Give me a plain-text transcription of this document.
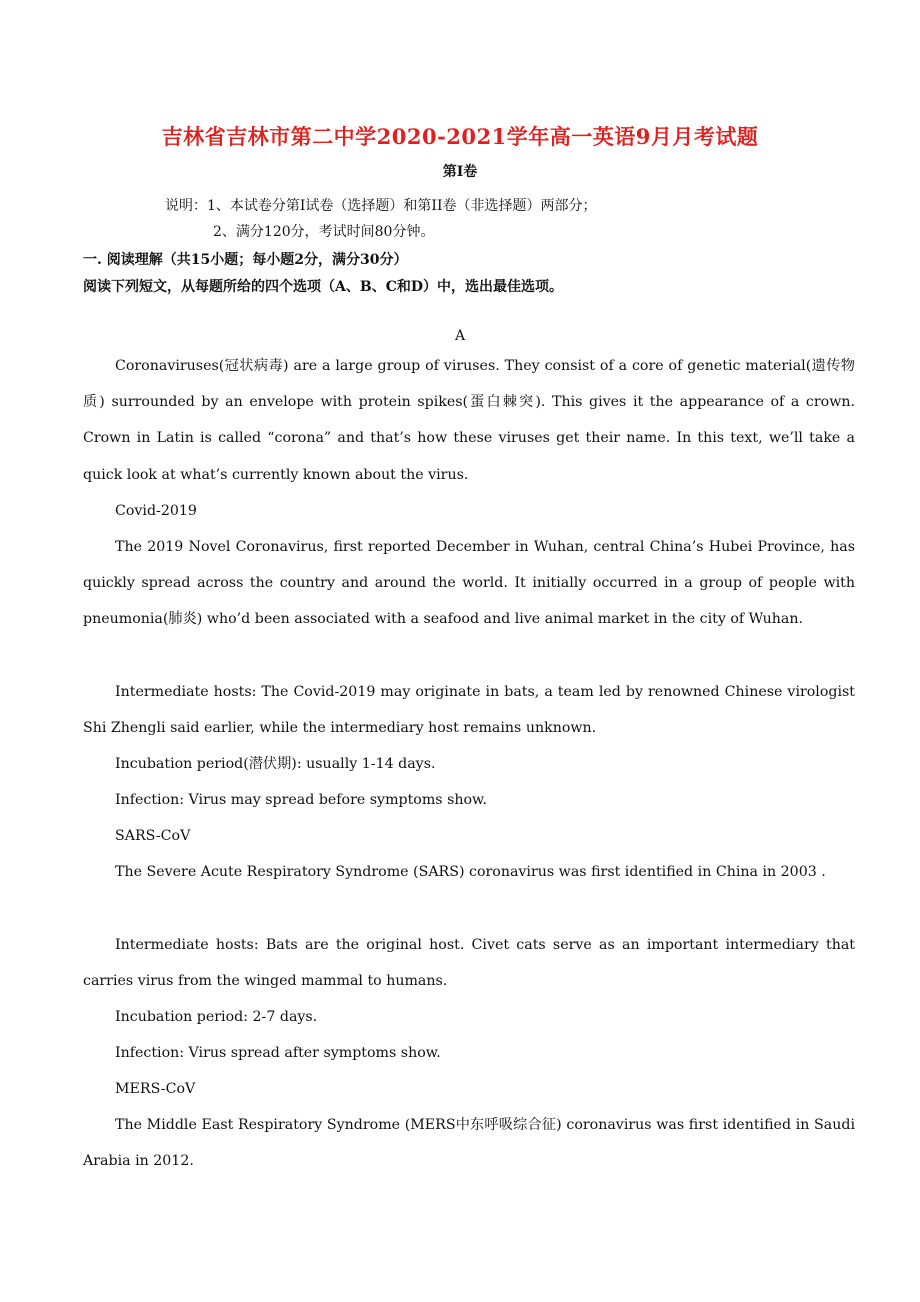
吉林省吉林市第二中学2020-2021学年高一英语9月月考试题
第Ⅰ卷
说明：1、本试卷分第Ⅰ试卷（选择题）和第II卷（非选择题）两部分；
2、满分120分，考试时间80分钟。
一. 阅读理解（共15小题；每小题2分，满分30分）
阅读下列短文，从每题所给的四个选项（A、B、C和D）中，选出最佳选项。
A
Coronaviruses(冠状病毒) are a large group of viruses. They consist of a core of genetic material(遗传物质) surrounded by an envelope with protein spikes(蛋白棘突). This gives it the appearance of a crown. Crown in Latin is called “corona” and that’s how these viruses get their name. In this text, we’ll take a quick look at what’s currently known about the virus.
Covid-2019
The 2019 Novel Coronavirus, first reported December in Wuhan, central China’s Hubei Province, has quickly spread across the country and around the world. It initially occurred in a group of people with pneumonia(肺炎) who’d been associated with a seafood and live animal market in the city of Wuhan.
Intermediate hosts: The Covid-2019 may originate in bats, a team led by renowned Chinese virologist Shi Zhengli said earlier, while the intermediary host remains unknown.
Incubation period(潜伏期): usually 1-14 days.
Infection: Virus may spread before symptoms show.
SARS-CoV
The Severe Acute Respiratory Syndrome (SARS) coronavirus was first identified in China in 2003 .
Intermediate hosts: Bats are the original host. Civet cats serve as an important intermediary that carries virus from the winged mammal to humans.
Incubation period: 2-7 days.
Infection: Virus spread after symptoms show.
MERS-CoV
The Middle East Respiratory Syndrome (MERS中东呼吸综合征) coronavirus was first identified in Saudi Arabia in 2012.
